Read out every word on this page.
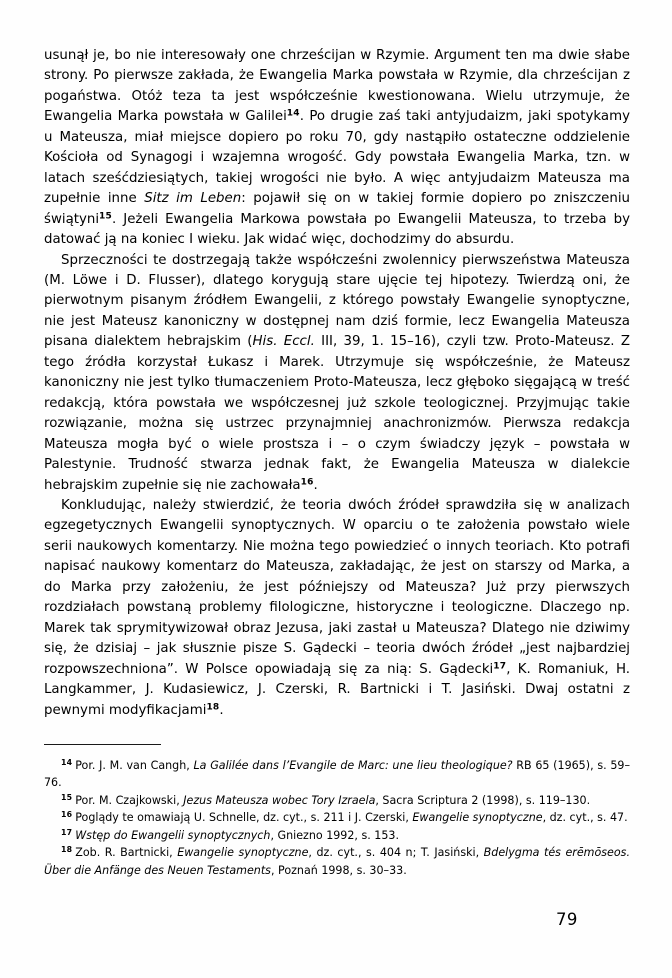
usunął je, bo nie interesowały one chrześcijan w Rzymie. Argument ten ma dwie słabe strony. Po pierwsze zakłada, że Ewangelia Marka powstała w Rzymie, dla chrześcijan z pogaństwa. Otóż teza ta jest współcześnie kwestionowana. Wielu utrzymuje, że Ewangelia Marka powstała w Galilei$^{14}$. Po drugie zaś taki antyjudaizm, jaki spotykamy u Mateusza, miał miejsce dopiero po roku 70, gdy nastąpiło ostateczne oddzielenie Kościoła od Synagogi i wzajemna wrogość. Gdy powstała Ewangelia Marka, tzn. w latach sześćdziesiątych, takiej wrogości nie było. A więc antyjudaizm Mateusza ma zupełnie inne Sitz im Leben: pojawił się on w takiej formie dopiero po zniszczeniu świątyni$^{15}$. Jeżeli Ewangelia Markowa powstała po Ewangelii Mateusza, to trzeba by datować ją na koniec I wieku. Jak widać więc, dochodzimy do absurdu.

Sprzeczności te dostrzegają także współcześni zwolennicy pierwszeństwa Mateusza (M. Löwe i D. Flusser), dlatego korygują stare ujęcie tej hipotezy. Twierdzą oni, że pierwotnym pisanym źródłem Ewangelii, z którego powstały Ewangelie synoptyczne, nie jest Mateusz kanoniczny w dostępnej nam dziś formie, lecz Ewangelia Mateusza pisana dialektem hebrajskim (His. Eccl. III, 39, 1. 15–16), czyli tzw. Proto-Mateusz. Z tego źródła korzystał Łukasz i Marek. Utrzymuje się współcześnie, że Mateusz kanoniczny nie jest tylko tłumaczeniem Proto-Mateusza, lecz głęboko sięgającą w treść redakcją, która powstała we współczesnej już szkole teologicznej. Przyjmując takie rozwiązanie, można się ustrzec przynajmniej anachronizmów. Pierwsza redakcja Mateusza mogła być o wiele prostsza i – o czym świadczy język – powstała w Palestynie. Trudność stwarza jednak fakt, że Ewangelia Mateusza w dialekcie hebrajskim zupełnie się nie zachowała$^{16}$.

Konkludując, należy stwierdzić, że teoria dwóch źródeł sprawdziła się w analizach egzegetycznych Ewangelii synoptycznych. W oparciu o te założenia powstało wiele serii naukowych komentarzy. Nie można tego powiedzieć o innych teoriach. Kto potrafi napisać naukowy komentarz do Mateusza, zakładając, że jest on starszy od Marka, a do Marka przy założeniu, że jest późniejszy od Mateusza? Już przy pierwszych rozdziałach powstaną problemy filologiczne, historyczne i teologiczne. Dlaczego np. Marek tak sprymitywizował obraz Jezusa, jaki zastał u Mateusza? Dlatego nie dziwimy się, że dzisiaj – jak słusznie pisze S. Gądecki – teoria dwóch źródeł „jest najbardziej rozpowszechniona”. W Polsce opowiadają się za nią: S. Gądecki$^{17}$, K. Romaniuk, H. Langkammer, J. Kudasiewicz, J. Czerski, R. Bartnicki i T. Jasiński. Dwaj ostatni z pewnymi modyfikacjami$^{18}$.

$^{14}$ Por. J. M. van Cangh, La Galilée dans l’Evangile de Marc: une lieu theologique? RB 65 (1965), s. 59–76.

$^{15}$ Por. M. Czajkowski, Jezus Mateusza wobec Tory Izraela, Sacra Scriptura 2 (1998), s. 119–130.

$^{16}$ Poglądy te omawiają U. Schnelle, dz. cyt., s. 211 i J. Czerski, Ewangelie synoptyczne, dz. cyt., s. 47.

$^{17}$ Wstęp do Ewangelii synoptycznych, Gniezno 1992, s. 153.

$^{18}$ Zob. R. Bartnicki, Ewangelie synoptyczne, dz. cyt., s. 404 n; T. Jasiński, Bdelygma tés erēmōseos. Über die Anfänge des Neuen Testaments, Poznań 1998, s. 30–33.

79
